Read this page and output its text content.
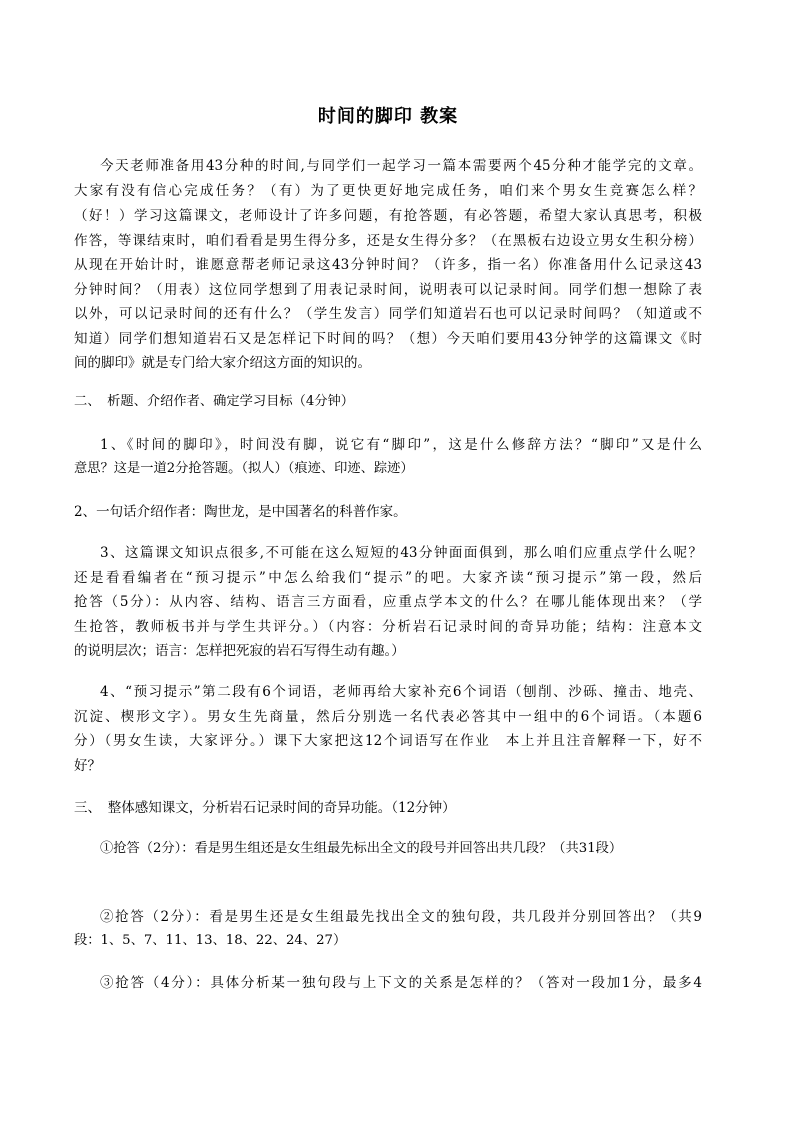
时间的脚印 教案
今天老师准备用43分种的时间,与同学们一起学习一篇本需要两个45分种才能学完的文章。
大家有没有信心完成任务？（有）为了更快更好地完成任务，咱们来个男女生竞赛怎么样？
（好！）学习这篇课文，老师设计了许多问题，有抢答题，有必答题，希望大家认真思考，积极
作答，等课结束时，咱们看看是男生得分多，还是女生得分多？（在黑板右边设立男女生积分榜）
从现在开始计时，谁愿意帮老师记录这43分钟时间？（许多，指一名）你准备用什么记录这43
分钟时间？（用表）这位同学想到了用表记录时间，说明表可以记录时间。同学们想一想除了表
以外，可以记录时间的还有什么？（学生发言）同学们知道岩石也可以记录时间吗？（知道或不
知道）同学们想知道岩石又是怎样记下时间的吗？（想）今天咱们要用43分钟学的这篇课文《时
间的脚印》就是专门给大家介绍这方面的知识的。
二、　析题、介绍作者、确定学习目标（4分钟）
1、《时间的脚印》，时间没有脚，说它有“脚印”，这是什么修辞方法？“脚印”又是什么
意思？这是一道2分抢答题。（拟人）（痕迹、印迹、踪迹）
2、一句话介绍作者：陶世龙，是中国著名的科普作家。
3、这篇课文知识点很多,不可能在这么短短的43分钟面面俱到，那么咱们应重点学什么呢？
还是看看编者在“预习提示”中怎么给我们“提示”的吧。大家齐读“预习提示”第一段，然后
抢答（5分）：从内容、结构、语言三方面看，应重点学本文的什么？在哪儿能体现出来？（学
生抢答，教师板书并与学生共评分。）（内容：分析岩石记录时间的奇异功能；结构：注意本文
的说明层次；语言：怎样把死寂的岩石写得生动有趣。）
4、“预习提示”第二段有6个词语，老师再给大家补充6个词语（刨削、沙砾、撞击、地壳、
沉淀、楔形文字）。男女生先商量，然后分别选一名代表必答其中一组中的6个词语。（本题6
分）（男女生读，大家评分。）课下大家把这12个词语写在作业　本上并且注音解释一下，好不
好？
三、　整体感知课文，分析岩石记录时间的奇异功能。（12分钟）
①抢答（2分）：看是男生组还是女生组最先标出全文的段号并回答出共几段？（共31段）
②抢答（2分）：看是男生还是女生组最先找出全文的独句段，共几段并分别回答出？（共9
段：1、5、7、11、13、18、22、24、27）
③抢答（4分）：具体分析某一独句段与上下文的关系是怎样的？（答对一段加1分，最多4
